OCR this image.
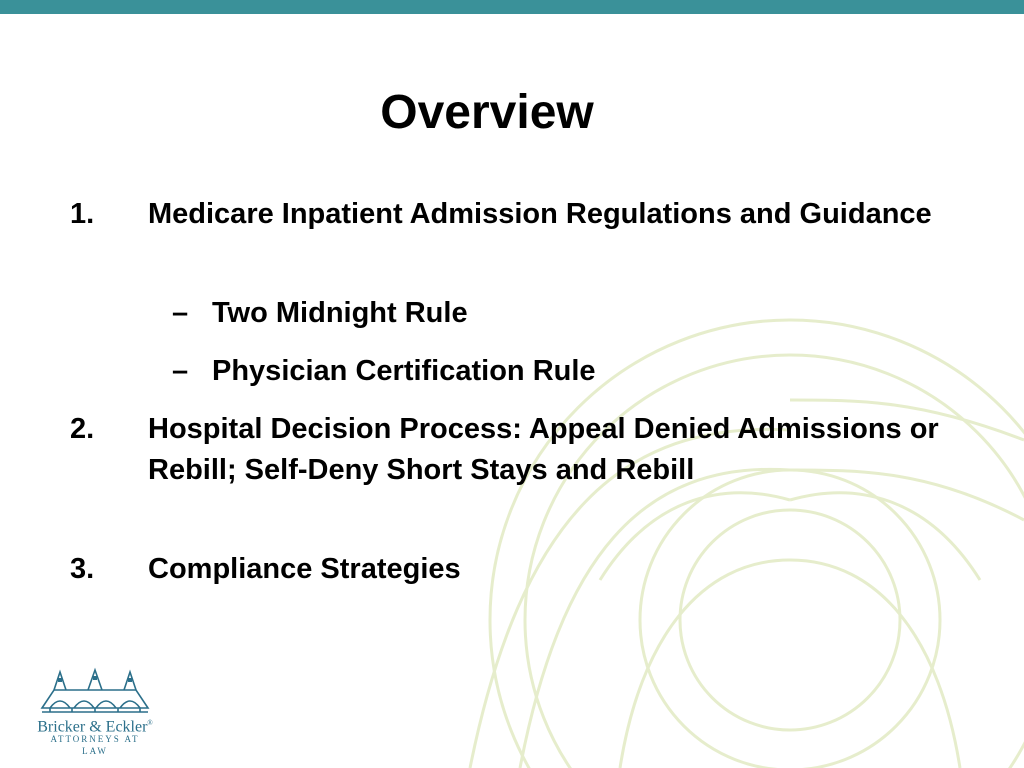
Overview
1. Medicare Inpatient Admission Regulations and Guidance
– Two Midnight Rule
– Physician Certification Rule
2. Hospital Decision Process: Appeal Denied Admissions or Rebill; Self-Deny Short Stays and Rebill
3. Compliance Strategies
Bricker & Eckler®
ATTORNEYS AT LAW
